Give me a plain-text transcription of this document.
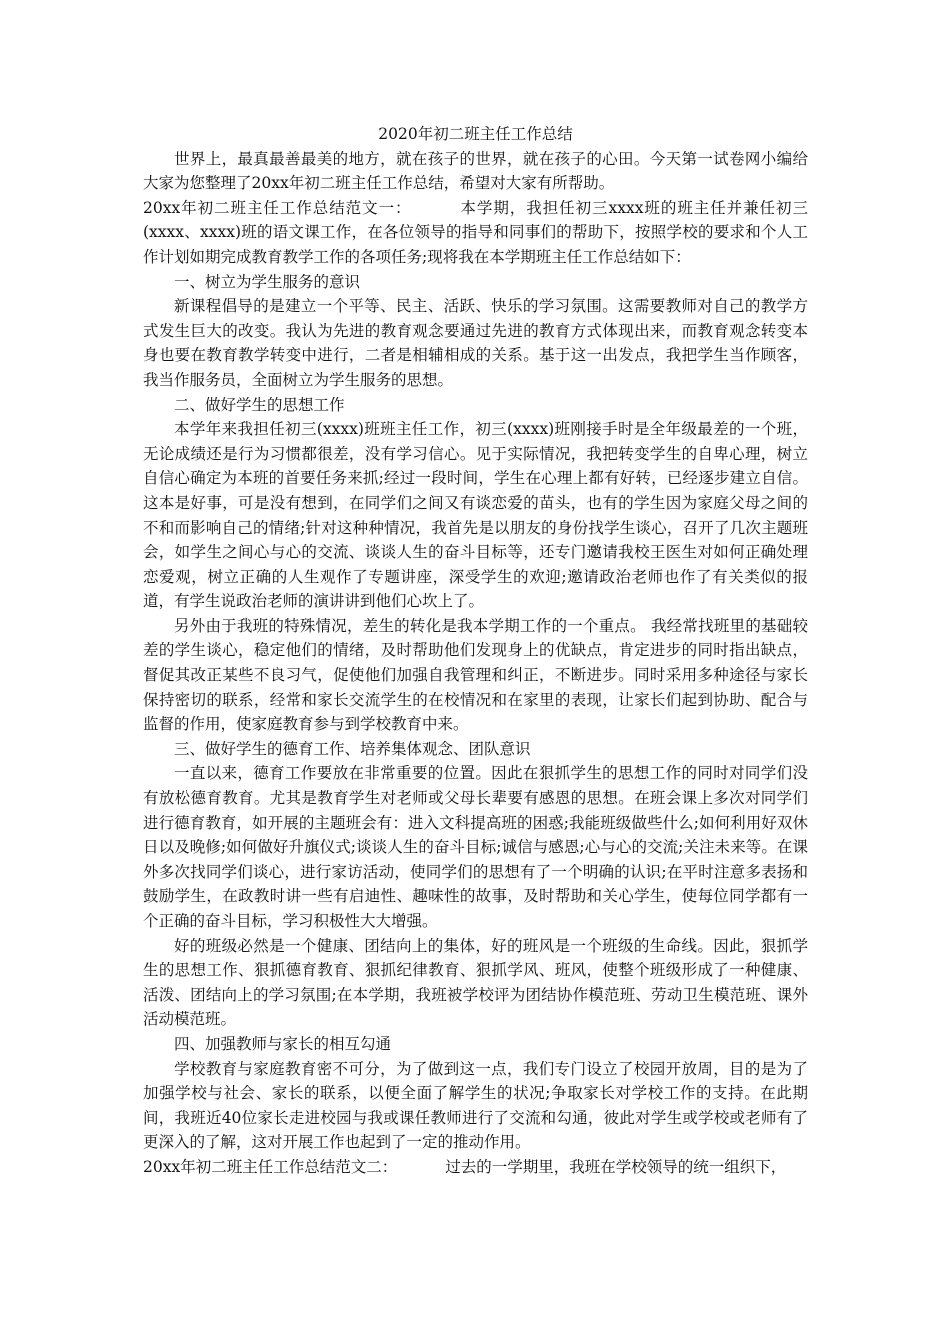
2020年初二班主任工作总结

世界上，最真最善最美的地方，就在孩子的世界，就在孩子的心田。今天第一试卷网小编给大家为您整理了20xx年初二班主任工作总结，希望对大家有所帮助。

20xx年初二班主任工作总结范文一：	本学期，我担任初三xxxx班的班主任并兼任初三(xxxx、xxxx)班的语文课工作，在各位领导的指导和同事们的帮助下，按照学校的要求和个人工作计划如期完成教育教学工作的各项任务;现将我在本学期班主任工作总结如下：

一、树立为学生服务的意识

新课程倡导的是建立一个平等、民主、活跃、快乐的学习氛围。这需要教师对自己的教学方式发生巨大的改变。我认为先进的教育观念要通过先进的教育方式体现出来，而教育观念转变本身也要在教育教学转变中进行，二者是相辅相成的关系。基于这一出发点，我把学生当作顾客，我当作服务员，全面树立为学生服务的思想。

二、做好学生的思想工作

本学年来我担任初三(xxxx)班班主任工作，初三(xxxx)班刚接手时是全年级最差的一个班，无论成绩还是行为习惯都很差，没有学习信心。见于实际情况，我把转变学生的自卑心理，树立自信心确定为本班的首要任务来抓;经过一段时间，学生在心理上都有好转，已经逐步建立自信。这本是好事，可是没有想到，在同学们之间又有谈恋爱的苗头，也有的学生因为家庭父母之间的不和而影响自己的情绪;针对这种种情况，我首先是以朋友的身份找学生谈心，召开了几次主题班会，如学生之间心与心的交流、谈谈人生的奋斗目标等，还专门邀请我校王医生对如何正确处理恋爱观，树立正确的人生观作了专题讲座，深受学生的欢迎;邀请政治老师也作了有关类似的报道，有学生说政治老师的演讲讲到他们心坎上了。

另外由于我班的特殊情况，差生的转化是我本学期工作的一个重点。 我经常找班里的基础较差的学生谈心，稳定他们的情绪，及时帮助他们发现身上的优缺点，肯定进步的同时指出缺点，督促其改正某些不良习气，促使他们加强自我管理和纠正，不断进步。同时采用多种途径与家长保持密切的联系，经常和家长交流学生的在校情况和在家里的表现，让家长们起到协助、配合与监督的作用，使家庭教育参与到学校教育中来。

三、做好学生的德育工作、培养集体观念、团队意识

一直以来，德育工作要放在非常重要的位置。因此在狠抓学生的思想工作的同时对同学们没有放松德育教育。尤其是教育学生对老师或父母长辈要有感恩的思想。在班会课上多次对同学们进行德育教育，如开展的主题班会有：进入文科提高班的困惑;我能班级做些什么;如何利用好双休日以及晚修;如何做好升旗仪式;谈谈人生的奋斗目标;诚信与感恩;心与心的交流;关注未来等。在课外多次找同学们谈心，进行家访活动，使同学们的思想有了一个明确的认识;在平时注意多表扬和鼓励学生，在政教时讲一些有启迪性、趣味性的故事，及时帮助和关心学生，使每位同学都有一个正确的奋斗目标，学习积极性大大增强。

好的班级必然是一个健康、团结向上的集体，好的班风是一个班级的生命线。因此，狠抓学生的思想工作、狠抓德育教育、狠抓纪律教育、狠抓学风、班风，使整个班级形成了一种健康、活泼、团结向上的学习氛围;在本学期，我班被学校评为团结协作模范班、劳动卫生模范班、课外活动模范班。

四、加强教师与家长的相互勾通

学校教育与家庭教育密不可分，为了做到这一点，我们专门设立了校园开放周，目的是为了加强学校与社会、家长的联系，以便全面了解学生的状况;争取家长对学校工作的支持。在此期间，我班近40位家长走进校园与我或课任教师进行了交流和勾通，彼此对学生或学校或老师有了更深入的了解，这对开展工作也起到了一定的推动作用。

20xx年初二班主任工作总结范文二：	过去的一学期里，我班在学校领导的统一组织下，
